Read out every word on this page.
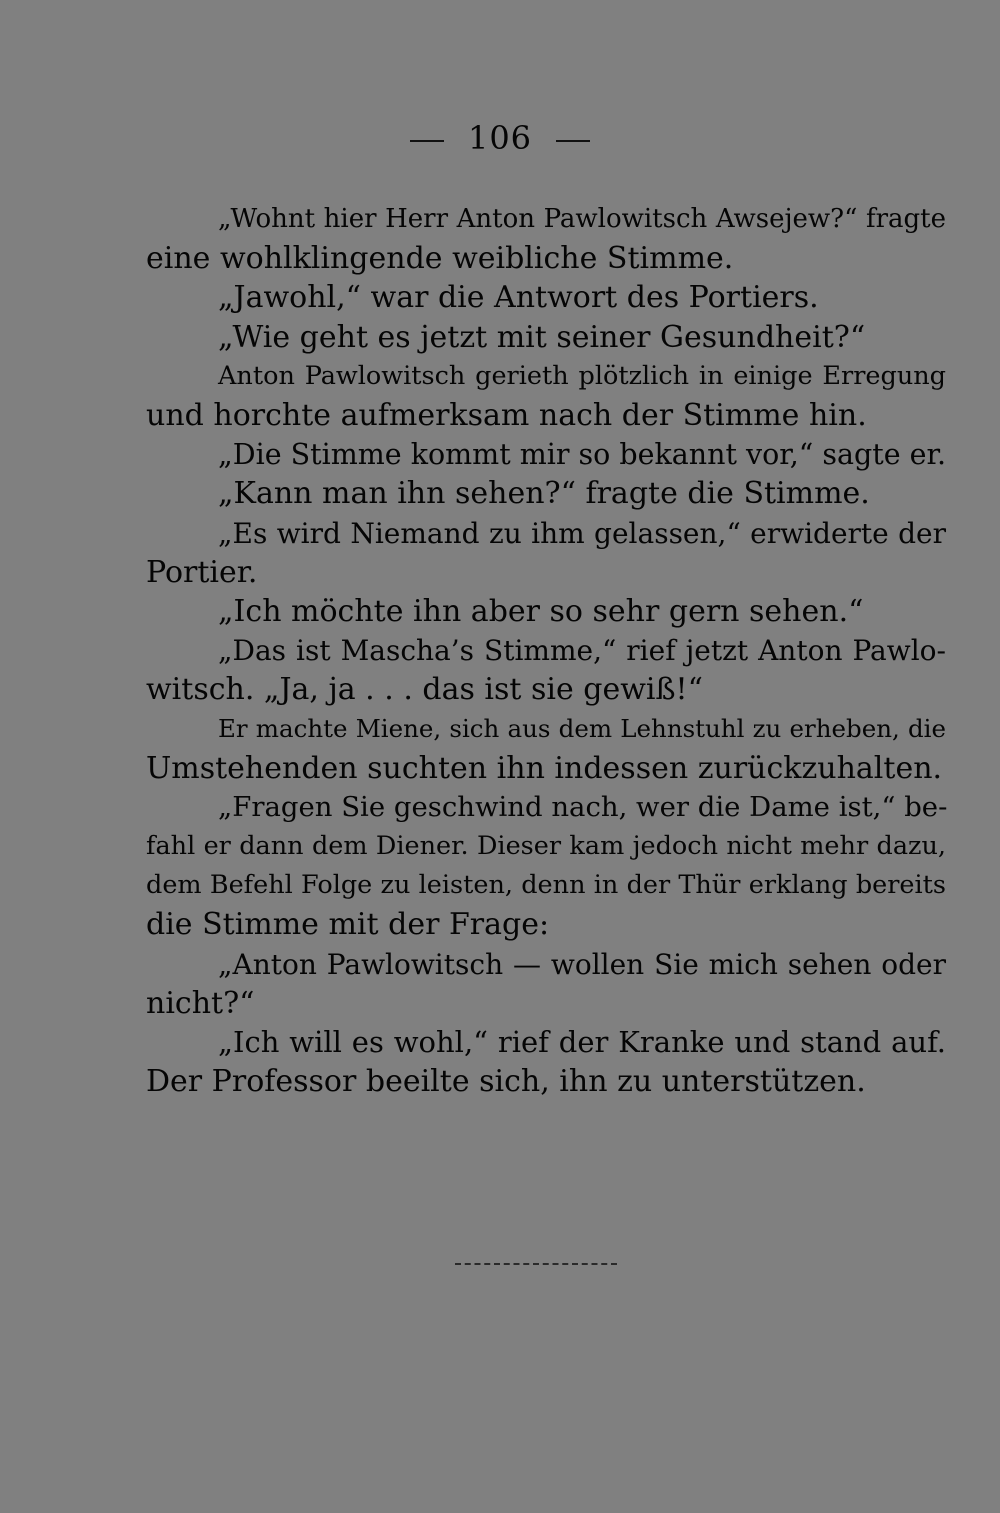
106
„Wohnt hier Herr Anton Pawlowitsch Awsejew?“ fragte
eine wohlklingende weibliche Stimme.
„Jawohl,“ war die Antwort des Portiers.
„Wie geht es jetzt mit seiner Gesundheit?“
Anton Pawlowitsch gerieth plötzlich in einige Erregung
und horchte aufmerksam nach der Stimme hin.
„Die Stimme kommt mir so bekannt vor,“ sagte er.
„Kann man ihn sehen?“ fragte die Stimme.
„Es wird Niemand zu ihm gelassen,“ erwiderte der
Portier.
„Ich möchte ihn aber so sehr gern sehen.“
„Das ist Mascha’s Stimme,“ rief jetzt Anton Pawlo-
witsch. „Ja, ja . . . das ist sie gewiß!“
Er machte Miene, sich aus dem Lehnstuhl zu erheben, die
Umstehenden suchten ihn indessen zurückzuhalten.
„Fragen Sie geschwind nach, wer die Dame ist,“ be-
fahl er dann dem Diener. Dieser kam jedoch nicht mehr dazu,
dem Befehl Folge zu leisten, denn in der Thür erklang bereits
die Stimme mit der Frage:
„Anton Pawlowitsch — wollen Sie mich sehen oder
nicht?“
„Ich will es wohl,“ rief der Kranke und stand auf.
Der Professor beeilte sich, ihn zu unterstützen.
